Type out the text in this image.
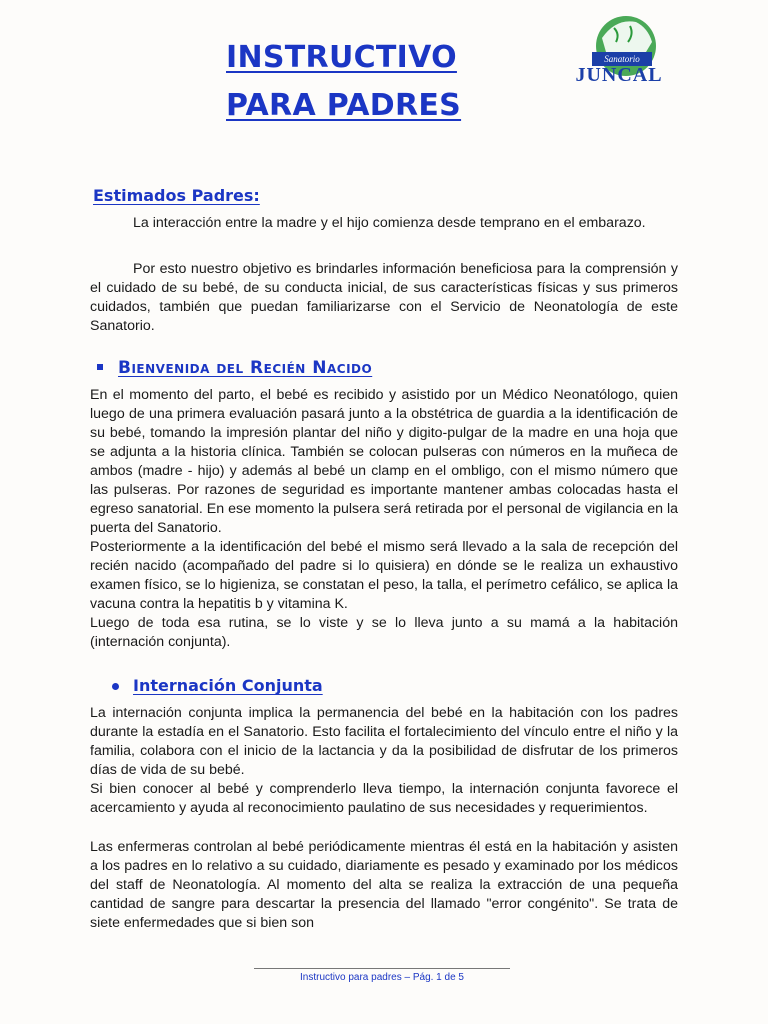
INSTRUCTIVO
PARA PADRES
Sanatorio
JUNCAL
Estimados Padres:
La interacción entre la madre y el hijo comienza desde temprano en el embarazo.
Por esto nuestro objetivo es brindarles información beneficiosa para la comprensión y el cuidado de su bebé, de su conducta inicial, de sus características físicas y sus primeros cuidados, también que puedan familiarizarse con el Servicio de Neonatología de este Sanatorio.
Bienvenida del Recién Nacido
En el momento del parto, el bebé es recibido y asistido por un Médico Neonatólogo, quien luego de una primera evaluación pasará junto a la obstétrica de guardia a la identificación de su bebé, tomando la impresión plantar del niño y digito-pulgar de la madre en una hoja que se adjunta a la historia clínica. También se colocan pulseras con números en la muñeca de ambos (madre - hijo) y además al bebé un clamp en el ombligo, con el mismo número que las pulseras. Por razones de seguridad es importante mantener ambas colocadas hasta el egreso sanatorial. En ese momento la pulsera será retirada por el personal de vigilancia en la puerta del Sanatorio.
Posteriormente a la identificación del bebé el mismo será llevado a la sala de recepción del recién nacido (acompañado del padre si lo quisiera) en dónde se le realiza un exhaustivo examen físico, se lo higieniza, se constatan el peso, la talla, el perímetro cefálico, se aplica la vacuna contra la hepatitis b y vitamina K.
Luego de toda esa rutina, se lo viste y se lo lleva junto a su mamá a la habitación (internación conjunta).
Internación Conjunta
La internación conjunta implica la permanencia del bebé en la habitación con los padres durante la estadía en el Sanatorio. Esto facilita el fortalecimiento del vínculo entre el niño y la familia, colabora con el inicio de la lactancia y da la posibilidad de disfrutar de los primeros días de vida de su bebé.
Si bien conocer al bebé y comprenderlo lleva tiempo, la internación conjunta favorece el acercamiento y ayuda al reconocimiento paulatino de sus necesidades y requerimientos.
Las enfermeras controlan al bebé periódicamente mientras él está en la habitación y asisten a los padres en lo relativo a su cuidado, diariamente es pesado y examinado por los médicos del staff de Neonatología. Al momento del alta se realiza la extracción de una pequeña cantidad de sangre para descartar la presencia del llamado "error congénito". Se trata de siete enfermedades que si bien son
Instructivo para padres – Pág. 1 de 5
